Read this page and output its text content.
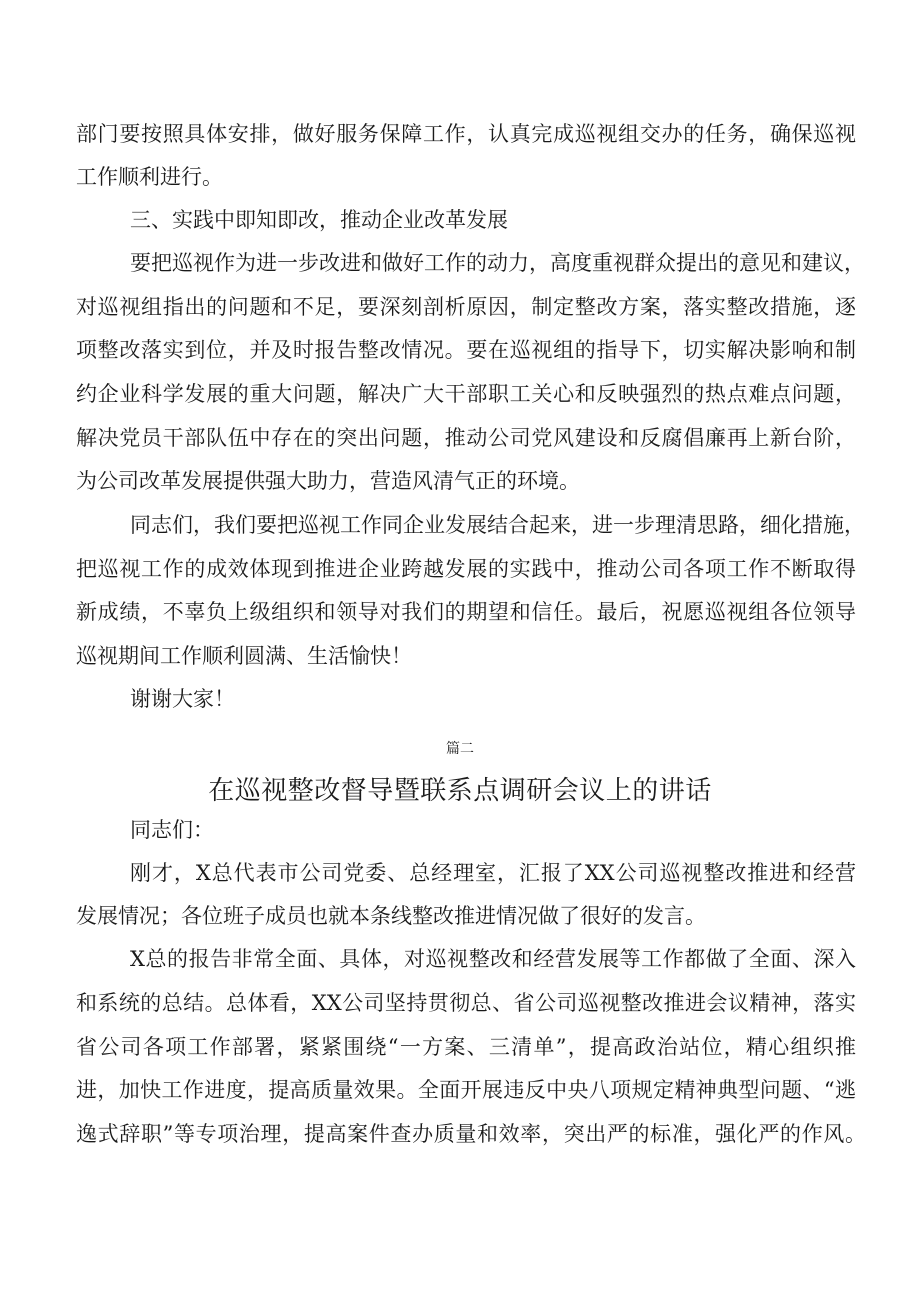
部门要按照具体安排，做好服务保障工作，认真完成巡视组交办的任务，确保巡视
工作顺利进行。
三、实践中即知即改，推动企业改革发展
要把巡视作为进一步改进和做好工作的动力，高度重视群众提出的意见和建议，
对巡视组指出的问题和不足，要深刻剖析原因，制定整改方案，落实整改措施，逐
项整改落实到位，并及时报告整改情况。要在巡视组的指导下，切实解决影响和制
约企业科学发展的重大问题，解决广大干部职工关心和反映强烈的热点难点问题，
解决党员干部队伍中存在的突出问题，推动公司党风建设和反腐倡廉再上新台阶，
为公司改革发展提供强大助力，营造风清气正的环境。
同志们，我们要把巡视工作同企业发展结合起来，进一步理清思路，细化措施，
把巡视工作的成效体现到推进企业跨越发展的实践中，推动公司各项工作不断取得
新成绩，不辜负上级组织和领导对我们的期望和信任。最后，祝愿巡视组各位领导
巡视期间工作顺利圆满、生活愉快！
谢谢大家！
篇二
在巡视整改督导暨联系点调研会议上的讲话
同志们：
刚才，X总代表市公司党委、总经理室，汇报了XX公司巡视整改推进和经营
发展情况；各位班子成员也就本条线整改推进情况做了很好的发言。
X总的报告非常全面、具体，对巡视整改和经营发展等工作都做了全面、深入
和系统的总结。总体看，XX公司坚持贯彻总、省公司巡视整改推进会议精神，落实
省公司各项工作部署，紧紧围绕“一方案、三清单”，提高政治站位，精心组织推
进，加快工作进度，提高质量效果。全面开展违反中央八项规定精神典型问题、“逃
逸式辞职”等专项治理，提高案件查办质量和效率，突出严的标准，强化严的作风。
